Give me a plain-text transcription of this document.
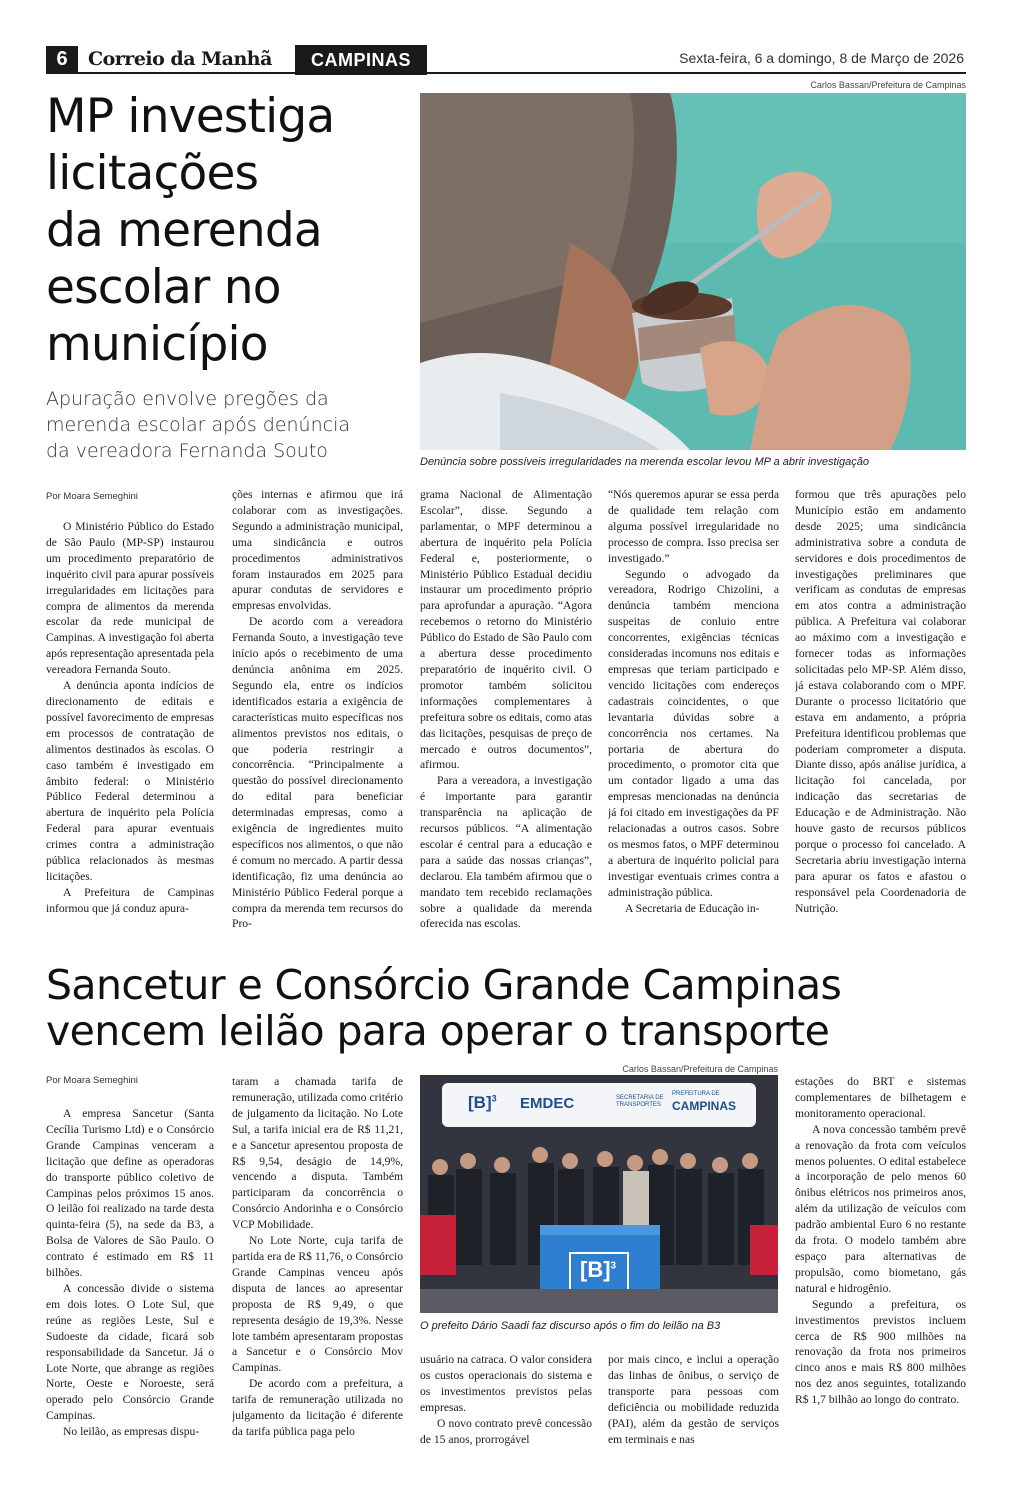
6	Correio da Manhã	CAMPINAS	Sexta-feira, 6 a domingo, 8 de Março de 2026
MP investiga
licitações
da merenda
escolar no
município
Apuração envolve pregões da
merenda escolar após denúncia
da vereadora Fernanda Souto
Carlos Bassan/Prefeitura de Campinas
Denúncia sobre possíveis irregularidades na merenda escolar levou MP a abrir investigação
Por Moara Semeghini

O Ministério Público do Estado de São Paulo (MP-SP) instaurou um procedimento preparatório de inquérito civil para apurar possíveis irregularidades em licitações para compra de alimentos da merenda escolar da rede municipal de Campinas. A investigação foi aberta após representação apresentada pela vereadora Fernanda Souto.

A denúncia aponta indícios de direcionamento de editais e possível favorecimento de empresas em processos de contratação de alimentos destinados às escolas. O caso também é investigado em âmbito federal: o Ministério Público Federal determinou a abertura de inquérito pela Polícia Federal para apurar eventuais crimes contra a administração pública relacionados às mesmas licitações.

A Prefeitura de Campinas informou que já conduz apura-

ções internas e afirmou que irá colaborar com as investigações. Segundo a administração municipal, uma sindicância e outros procedimentos administrativos foram instaurados em 2025 para apurar condutas de servidores e empresas envolvidas.

De acordo com a vereadora Fernanda Souto, a investigação teve início após o recebimento de uma denúncia anônima em 2025. Segundo ela, entre os indícios identificados estaria a exigência de características muito específicas nos alimentos previstos nos editais, o que poderia restringir a concorrência. “Principalmente a questão do possível direcionamento do edital para beneficiar determinadas empresas, como a exigência de ingredientes muito específicos nos alimentos, o que não é comum no mercado. A partir dessa identificação, fiz uma denúncia ao Ministério Público Federal porque a compra da merenda tem recursos do Pro-

grama Nacional de Alimentação Escolar”, disse. Segundo a parlamentar, o MPF determinou a abertura de inquérito pela Polícia Federal e, posteriormente, o Ministério Público Estadual decidiu instaurar um procedimento próprio para aprofundar a apuração. “Agora recebemos o retorno do Ministério Público do Estado de São Paulo com a abertura desse procedimento preparatório de inquérito civil. O promotor também solicitou informações complementares à prefeitura sobre os editais, como atas das licitações, pesquisas de preço de mercado e outros documentos”, afirmou.

Para a vereadora, a investigação é importante para garantir transparência na aplicação de recursos públicos. “A alimentação escolar é central para a educação e para a saúde das nossas crianças”, declarou. Ela também afirmou que o mandato tem recebido reclamações sobre a qualidade da merenda oferecida nas escolas.

“Nós queremos apurar se essa perda de qualidade tem relação com alguma possível irregularidade no processo de compra. Isso precisa ser investigado.”

Segundo o advogado da vereadora, Rodrigo Chizolini, a denúncia também menciona suspeitas de conluio entre concorrentes, exigências técnicas consideradas incomuns nos editais e empresas que teriam participado e vencido licitações com endereços cadastrais coincidentes, o que levantaria dúvidas sobre a concorrência nos certames. Na portaria de abertura do procedimento, o promotor cita que um contador ligado a uma das empresas mencionadas na denúncia já foi citado em investigações da PF relacionadas a outros casos. Sobre os mesmos fatos, o MPF determinou a abertura de inquérito policial para investigar eventuais crimes contra a administração pública.

A Secretaria de Educação in-

formou que três apurações pelo Município estão em andamento desde 2025; uma sindicância administrativa sobre a conduta de servidores e dois procedimentos de investigações preliminares que verificam as condutas de empresas em atos contra a administração pública. A Prefeitura vai colaborar ao máximo com a investigação e fornecer todas as informações solicitadas pelo MP-SP. Além disso, já estava colaborando com o MPF. Durante o processo licitatório que estava em andamento, a própria Prefeitura identificou problemas que poderiam comprometer a disputa. Diante disso, após análise jurídica, a licitação foi cancelada, por indicação das secretarias de Educação e de Administração. Não houve gasto de recursos públicos porque o processo foi cancelado. A Secretaria abriu investigação interna para apurar os fatos e afastou o responsável pela Coordenadoria de Nutrição.

Sancetur e Consórcio Grande Campinas
vencem leilão para operar o transporte
Carlos Bassan/Prefeitura de Campinas
$[B]^3$ EMDEC	SECRETARIA DE TRANSPORTES
PREFEITURA DE
CAMPINAS
$[B]^3$
O prefeito Dário Saadi faz discurso após o fim do leilão na B3
Por Moara Semeghini

A empresa Sancetur (Santa Cecília Turismo Ltd) e o Consórcio Grande Campinas venceram a licitação que define as operadoras do transporte público coletivo de Campinas pelos próximos 15 anos. O leilão foi realizado na tarde desta quinta-feira (5), na sede da B3, a Bolsa de Valores de São Paulo. O contrato é estimado em R$ 11 bilhões.

A concessão divide o sistema em dois lotes. O Lote Sul, que reúne as regiões Leste, Sul e Sudoeste da cidade, ficará sob responsabilidade da Sancetur. Já o Lote Norte, que abrange as regiões Norte, Oeste e Noroeste, será operado pelo Consórcio Grande Campinas.

No leilão, as empresas dispu-

taram a chamada tarifa de remuneração, utilizada como critério de julgamento da licitação. No Lote Sul, a tarifa inicial era de R$ 11,21, e a Sancetur apresentou proposta de R$ 9,54, deságio de 14,9%, vencendo a disputa. Também participaram da concorrência o Consórcio Andorinha e o Consórcio VCP Mobilidade.

No Lote Norte, cuja tarifa de partida era de R$ 11,76, o Consórcio Grande Campinas venceu após disputa de lances ao apresentar proposta de R$ 9,49, o que representa deságio de 19,3%. Nesse lote também apresentaram propostas a Sancetur e o Consórcio Mov Campinas.

De acordo com a prefeitura, a tarifa de remuneração utilizada no julgamento da licitação é diferente da tarifa pública paga pelo

usuário na catraca. O valor considera os custos operacionais do sistema e os investimentos previstos pelas empresas.

O novo contrato prevê concessão de 15 anos, prorrogável

por mais cinco, e inclui a operação das linhas de ônibus, o serviço de transporte para pessoas com deficiência ou mobilidade reduzida (PAI), além da gestão de serviços em terminais e nas

estações do BRT e sistemas complementares de bilhetagem e monitoramento operacional.

A nova concessão também prevê a renovação da frota com veículos menos poluentes. O edital estabelece a incorporação de pelo menos 60 ônibus elétricos nos primeiros anos, além da utilização de veículos com padrão ambiental Euro 6 no restante da frota. O modelo também abre espaço para alternativas de propulsão, como biometano, gás natural e hidrogênio.

Segundo a prefeitura, os investimentos previstos incluem cerca de R$ 900 milhões na renovação da frota nos primeiros cinco anos e mais R$ 800 milhões nos dez anos seguintes, totalizando R$ 1,7 bilhão ao longo do contrato.
